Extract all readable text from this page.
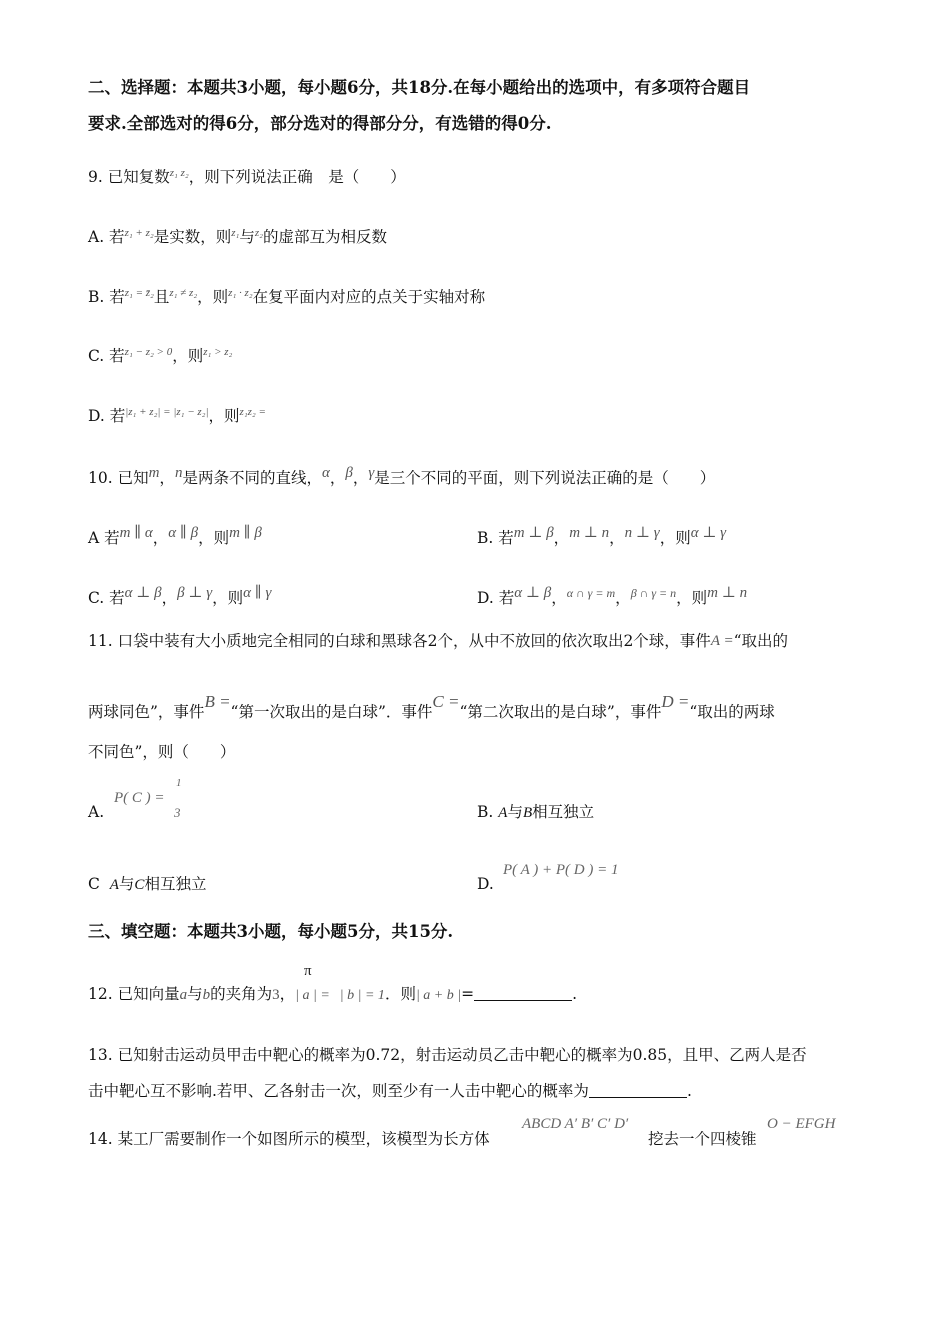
二、选择题：本题共3小题，每小题6分，共18分.在每小题给出的选项中，有多项符合题目
要求.全部选对的得6分，部分选对的得部分分，有选错的得0分.
9. 已知复数$^{z_1 z_2}$，则下列说法正确　是（　　）
A. 若$^{z_1 + z_2}$是实数，则$^{z_1}$与$^{z_2}$的虚部互为相反数
B. 若$^{z_1 = z̄_2}$且$^{z_1 \ne z_2}$，则$^{z_1 \cdot z_2}$在复平面内对应的点关于实轴对称
C. 若$^{z_1 - z_2 > 0}$，则$^{z_1 > z_2}$
D. 若$^{|z_1 + z_2| = |z_1 - z_2|}$，则$^{z_1z_2 =}$
10. 已知m，n是两条不同的直线，α，β，γ是三个不同的平面，则下列说法正确的是（　　）
A 若m ∥ α，α ∥ β，则m ∥ β	B. 若m ⊥ β，m ⊥ n，n ⊥ γ，则α ⊥ γ
C. 若α ⊥ β，β ⊥ γ，则α ∥ γ	D. 若α ⊥ β，$^{\alpha \cap \gamma = m}$，$^{\beta \cap \gamma = n}$，则m ⊥ n
11. 口袋中装有大小质地完全相同的白球和黑球各2个，从中不放回的依次取出2个球，事件A =“取出的
两球同色”，事件B =“第一次取出的是白球”．事件C =“第二次取出的是白球”，事件D =“取出的两球
不同色”，则（　　）
A.
P( C ) =
1
3	B. A与B相互独立
C A与C相互独立	D.
P( A ) + P( D ) = 1
三、填空题：本题共3小题，每小题5分，共15分.
π
12. 已知向量a与b的夹角为3，| a | = | b | = 1．则| a + b |=	.
13. 已知射击运动员甲击中靶心的概率为0.72，射击运动员乙击中靶心的概率为0.85，且甲、乙两人是否
击中靶心互不影响.若甲、乙各射击一次，则至少有一人击中靶心的概率为	.
14. 某工厂需要制作一个如图所示的模型，该模型为长方体
ABCD A′ B′ C′ D′
挖去一个四棱锥
O − EFGH
